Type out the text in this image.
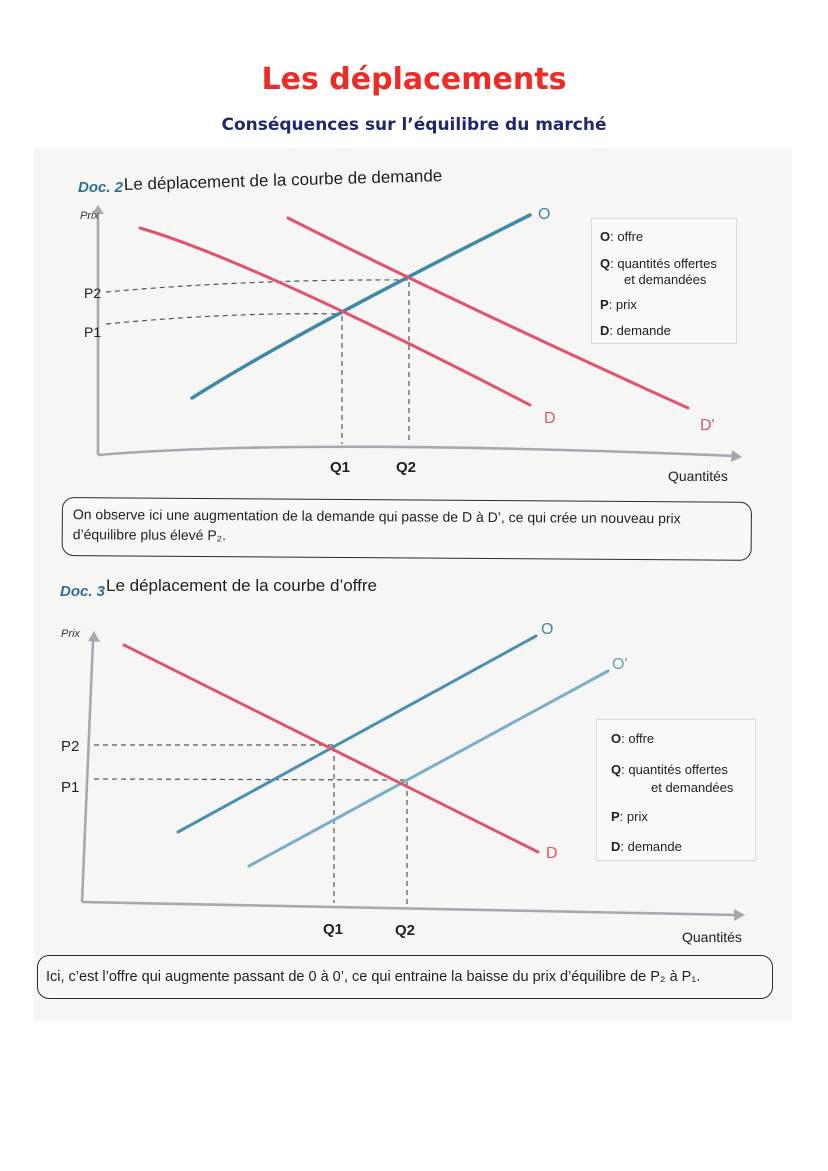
Les déplacements
Conséquences sur l’équilibre du marché
Doc. 2 Le déplacement de la courbe de demande
Prix
Quantités
P2
P1
Q1	Q2
O
D	D'
Doc. 3 Le déplacement de la courbe d’offre
Prix
Quantités
P2
P1
Q1	Q2
O
O'
D
O: offre
Q: quantités offertes
et demandées
P: prix
D: demande
O: offre
Q: quantités offertes
et demandées
P: prix
D: demande
On observe ici une augmentation de la demande qui passe de D à D’, ce qui crée un nouveau prix d’équilibre plus élevé P₂.
Ici, c’est l’offre qui augmente passant de 0 à 0’, ce qui entraine la baisse du prix d’équilibre de P₂ à P₁.
